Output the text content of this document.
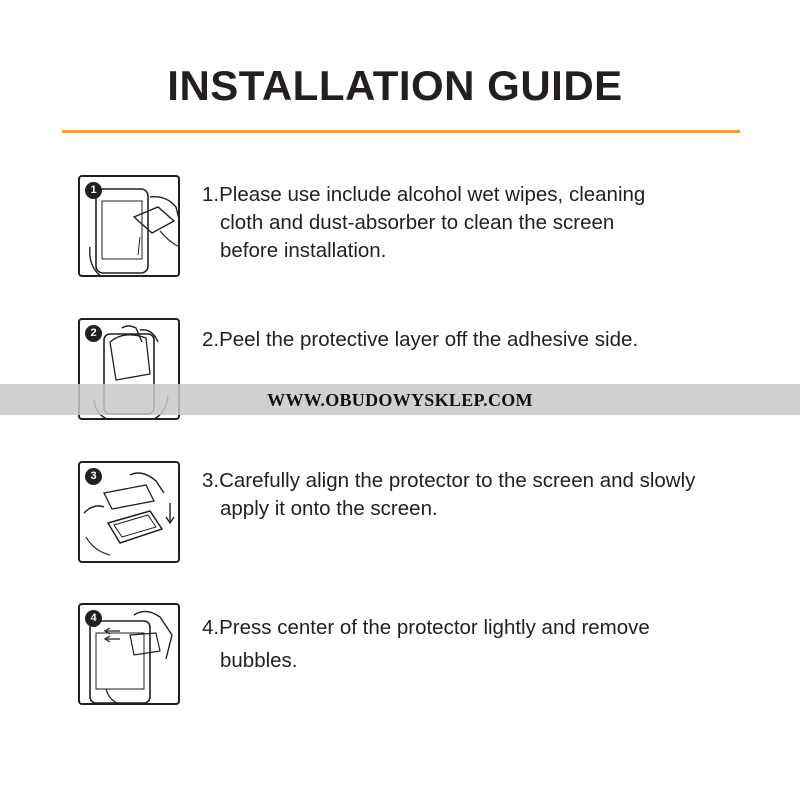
INSTALLATION GUIDE
1	1.Please use include alcohol wet wipes, cleaning
cloth and dust-absorber to clean the screen
before installation.
2	2.Peel the protective layer off the adhesive side.
3	3.Carefully align the protector to the screen and slowly
apply it onto the screen.
4	4.Press center of the protector lightly and remove
bubbles.
WWW.OBUDOWYSKLEP.COM
